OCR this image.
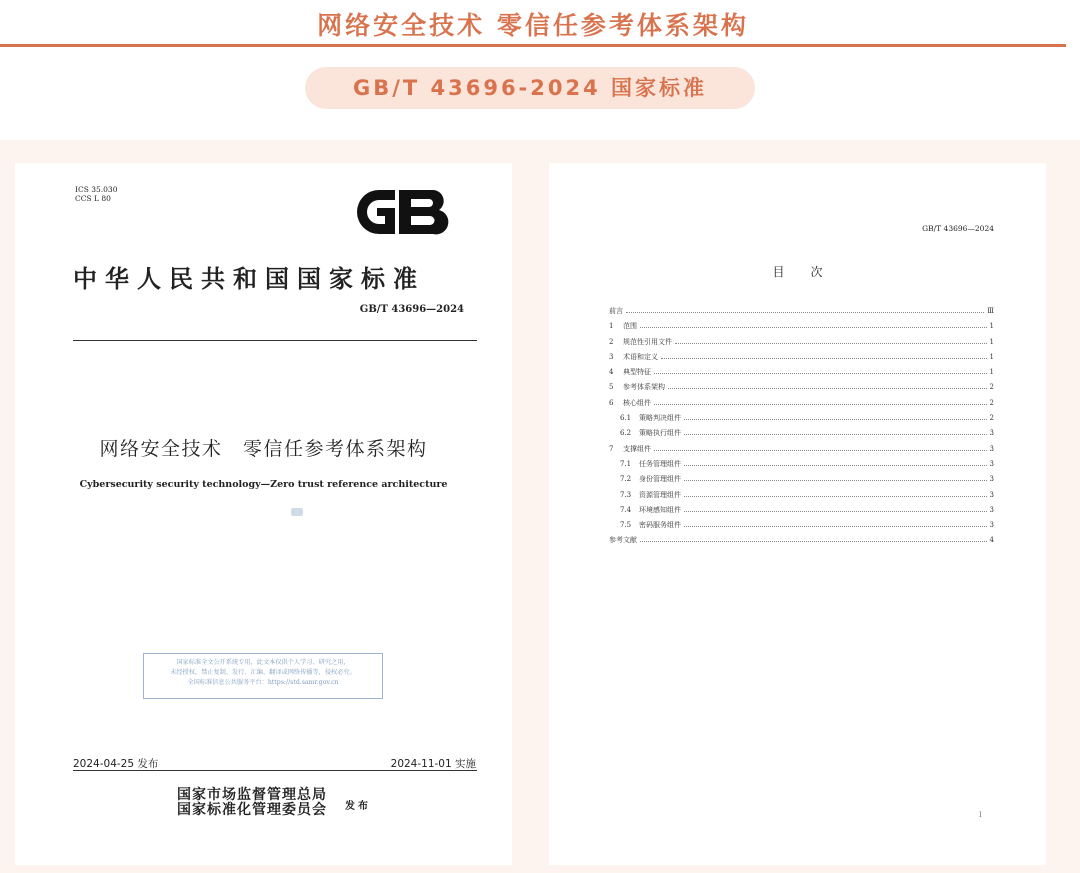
网络安全技术 零信任参考体系架构
GB/T 43696-2024 国家标准
ICS 35.030
CCS L 80
中华人民共和国国家标准
GB/T 43696—2024
网络安全技术　零信任参考体系架构
Cybersecurity security technology—Zero trust reference architecture
国家标准全文公开系统专用，此文本仅供个人学习、研究之用，
未经授权，禁止复制、发行、汇编、翻译或网络传播等，侵权必究。
全国标准信息公共服务平台：https://std.samr.gov.cn
2024-04-25 发布	2024-11-01 实施
国家市场监督管理总局
国家标准化管理委员会 发布
GB/T 43696—2024
目次
前言	Ⅲ
1	范围	1
2	规范性引用文件	1
3	术语和定义	1
4	典型特征	1
5	参考体系架构	2
6	核心组件	2
6.1	策略判决组件	2
6.2	策略执行组件	3
7	支撑组件	3
7.1	任务管理组件	3
7.2	身份管理组件	3
7.3	资源管理组件	3
7.4	环境感知组件	3
7.5	密码服务组件	3
参考文献	4
I
